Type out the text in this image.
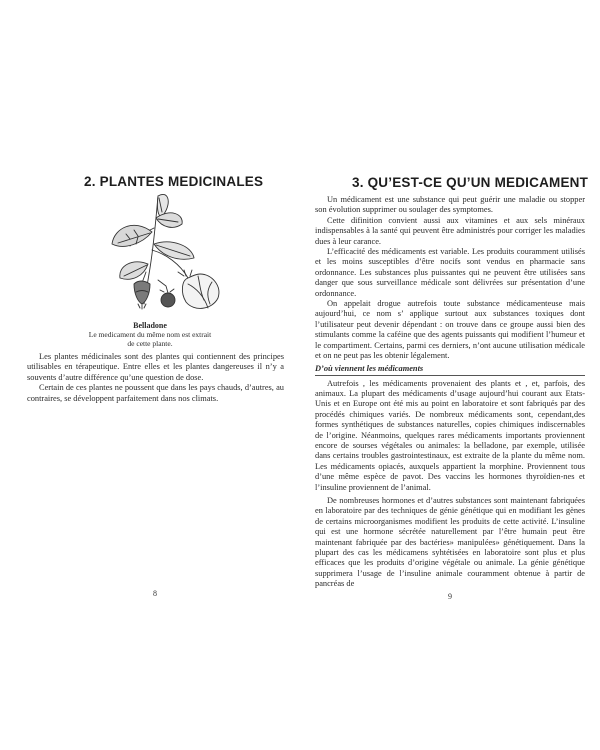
2. PLANTES MEDICINALES
Belladone
Le medicament du même nom est extrait
de cette plante.

Les plantes médicinales sont des plantes qui contiennent des principes utilisables en térapeutique. Entre elles et les plantes dangereuses il n’y a souvents d’autre différence qu’une question de dose.

Certain de ces plantes ne poussent que dans les pays chauds, d’autres, au contraires, se développent parfaitement dans nos climats.

8
3. QU’EST-CE QU’UN MEDICAMENT

Un médicament est une substance qui peut guérir une maladie ou stopper son évolution supprimer ou soulager des symptomes.

Cette difinition convient aussi aux vitamines et aux sels minéraux indispensables à la santé qui peuvent être administrés pour corriger les maladies dues à leur carance.

L’efficacité des médicaments est variable. Les produits couramment utilisés et les moins susceptibles d’être nocifs sont vendus en pharmacie sans ordonnance. Les substances plus puissantes qui ne peuvent être utilisées sans danger que sous surveillance médicale sont délivrées sur présentation d’une ordonnance.

On appelait drogue autrefois toute substance médicamenteuse mais aujourd’hui, ce nom s’ applique surtout aux substances toxiques dont l’utilisateur peut devenir dépendant : on trouve dans ce groupe aussi bien des stimulants comme la caféine que des agents puissants qui modifient l’humeur et le compartiment. Certains, parmi ces derniers, n’ont aucune utilisation médicale et on ne peut pas les obtenir légalement.

D’où viennent les médicaments

Autrefois , les médicaments provenaient des plants et , et, parfois, des animaux. La plupart des médicaments d’usage aujourd’hui courant aux Etats-Unis et en Europe ont été mis au point en laboratoire et sont fabriqués par des procédés chimiques variés. De nombreux médicaments sont, cependant,des formes synthétiques de substances naturelles, copies chimiques indiscernables de l’origine. Néanmoins, quelques rares médicaments importants proviennent encore de sourses végétales ou animales: la belladone, par exemple, utilisée dans certains troubles gastrointestinaux, est extraite de la plante du même nom. Les médicaments opiacés, auxquels appartient la morphine. Proviennent tous d’une même espèce de pavot. Des vaccins les hormones thyroïdien-nes et l’insuline proviennent de l’animal.

De nombreuses hormones et d’autres substances sont maintenant fabriquées en laboratoire par des techniques de génie génétique qui en modifiant les gènes de certains microorganismes modifient les produits de cette activité. L’insuline qui est une hormone sécrétée naturellement par l’être humain peut être maintenant fabriquée par des bactéries» manipulées» génétiquement. Dans la plupart des cas les médicamens syhtétisées en laboratoire sont plus et plus efficaces que les produits d’origine végétale ou animale. La génie génétique supprimera l’usage de l’insuline animale couramment obtenue à partir de pancréas de

9
